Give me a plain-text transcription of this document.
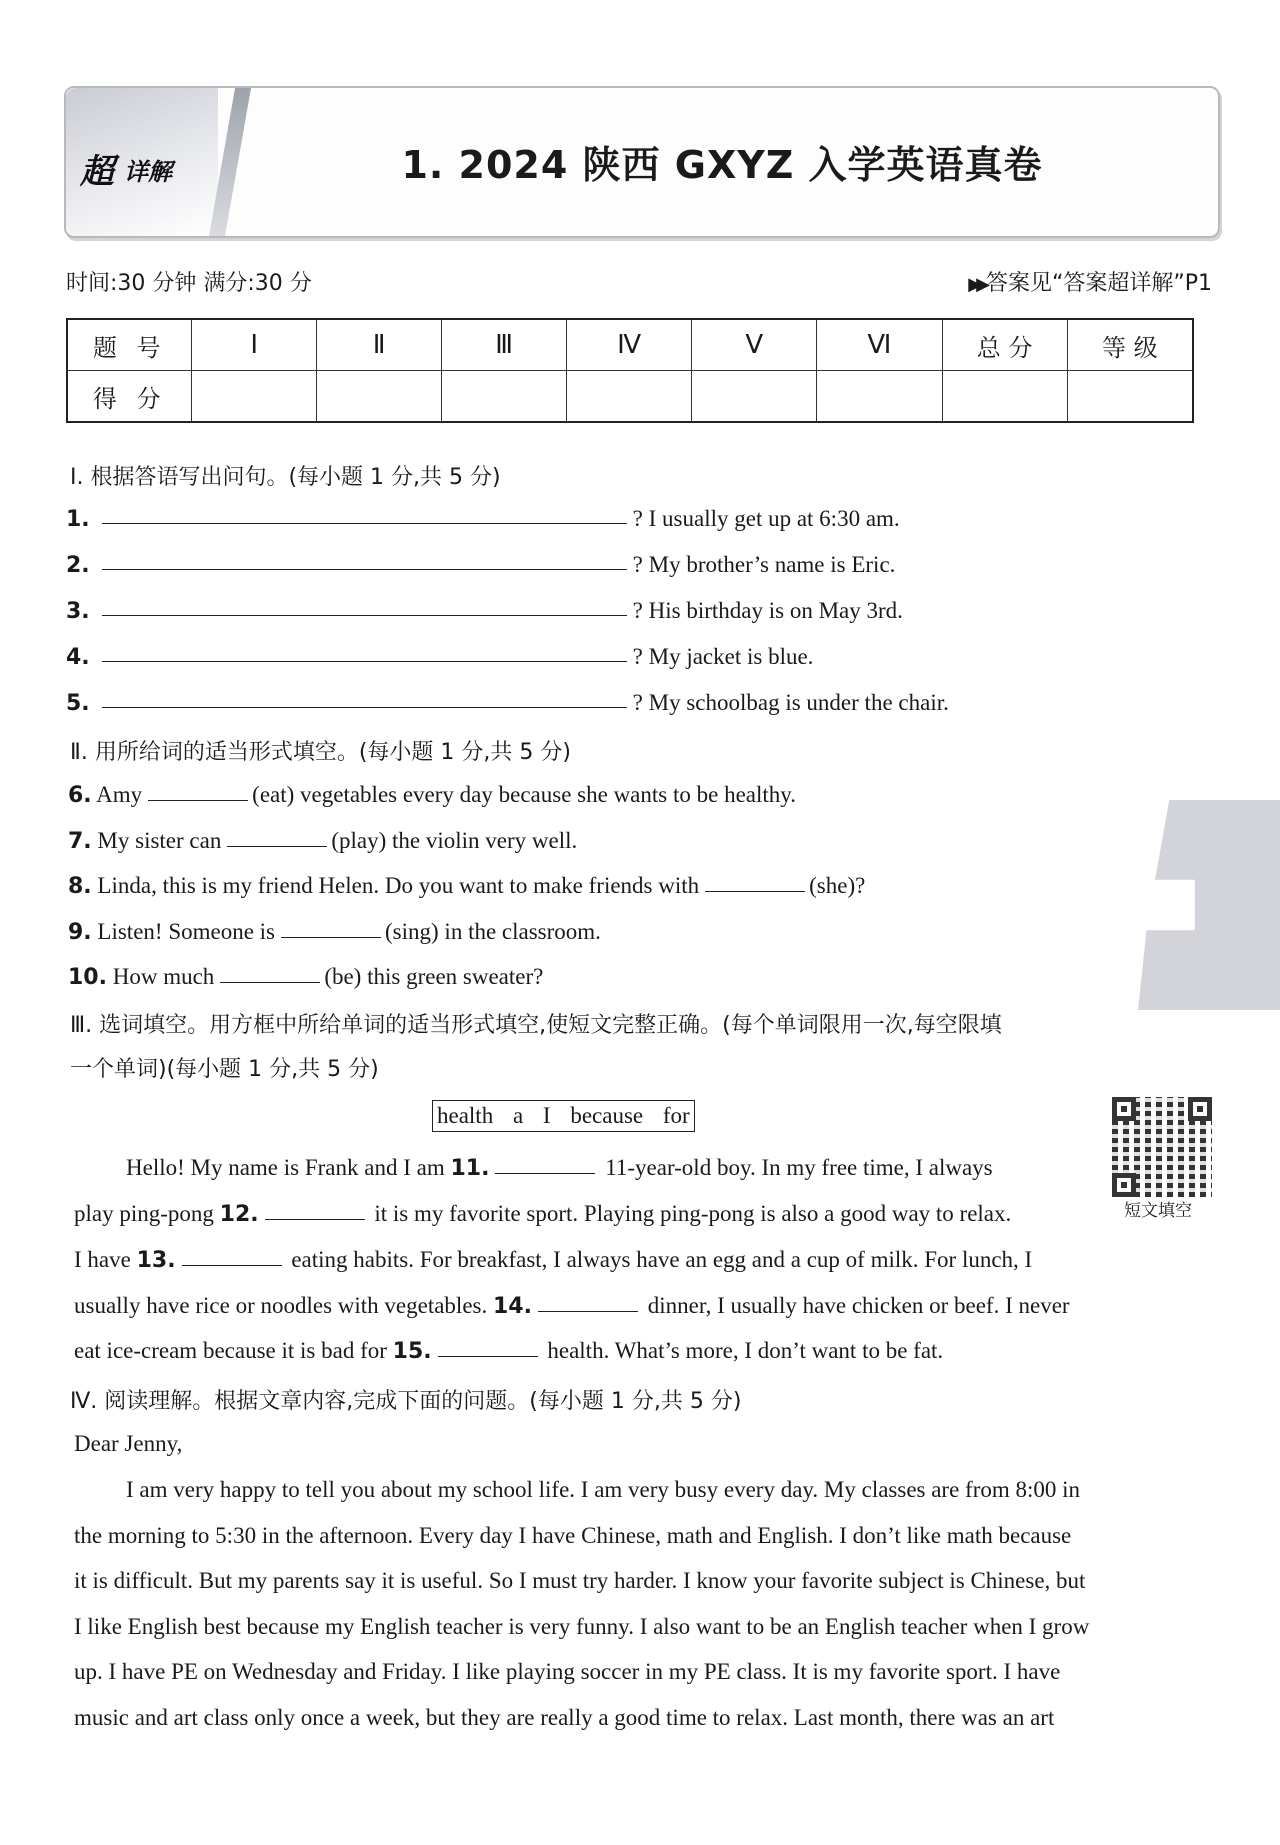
超 详解	1. 2024 陕西 GXYZ 入学英语真卷
时间:30 分钟 满分:30 分	▶▶答案见“答案超详解”P1
题 号	Ⅰ	Ⅱ	Ⅲ	Ⅳ	Ⅴ	Ⅵ	总 分	等 级
得 分								
Ⅰ. 根据答语写出问句。(每小题 1 分,共 5 分)
1.	? I usually get up at 6:30 am.
2.	? My brother’s name is Eric.
3.	? His birthday is on May 3rd.
4.	? My jacket is blue.
5.	? My schoolbag is under the chair.
Ⅱ. 用所给词的适当形式填空。(每小题 1 分,共 5 分)
6. Amy	(eat) vegetables every day because she wants to be healthy.
7. My sister can	(play) the violin very well.
8. Linda, this is my friend Helen. Do you want to make friends with	(she)?
9. Listen! Someone is	(sing) in the classroom.
10. How much	(be) this green sweater?
Ⅲ. 选词填空。用方框中所给单词的适当形式填空,使短文完整正确。(每个单词限用一次,每空限填
一个单词)(每小题 1 分,共 5 分)
health a I because for
短文填空
Hello! My name is Frank and I am 11.	11-year-old boy. In my free time, I always
play ping-pong 12.	it is my favorite sport. Playing ping-pong is also a good way to relax.
I have 13.	eating habits. For breakfast, I always have an egg and a cup of milk. For lunch, I
usually have rice or noodles with vegetables. 14.	dinner, I usually have chicken or beef. I never
eat ice-cream because it is bad for 15.	health. What’s more, I don’t want to be fat.
Ⅳ. 阅读理解。根据文章内容,完成下面的问题。(每小题 1 分,共 5 分)
Dear Jenny,
I am very happy to tell you about my school life. I am very busy every day. My classes are from 8:00 in
the morning to 5:30 in the afternoon. Every day I have Chinese, math and English. I don’t like math because
it is difficult. But my parents say it is useful. So I must try harder. I know your favorite subject is Chinese, but
I like English best because my English teacher is very funny. I also want to be an English teacher when I grow
up. I have PE on Wednesday and Friday. I like playing soccer in my PE class. It is my favorite sport. I have
music and art class only once a week, but they are really a good time to relax. Last month, there was an art
